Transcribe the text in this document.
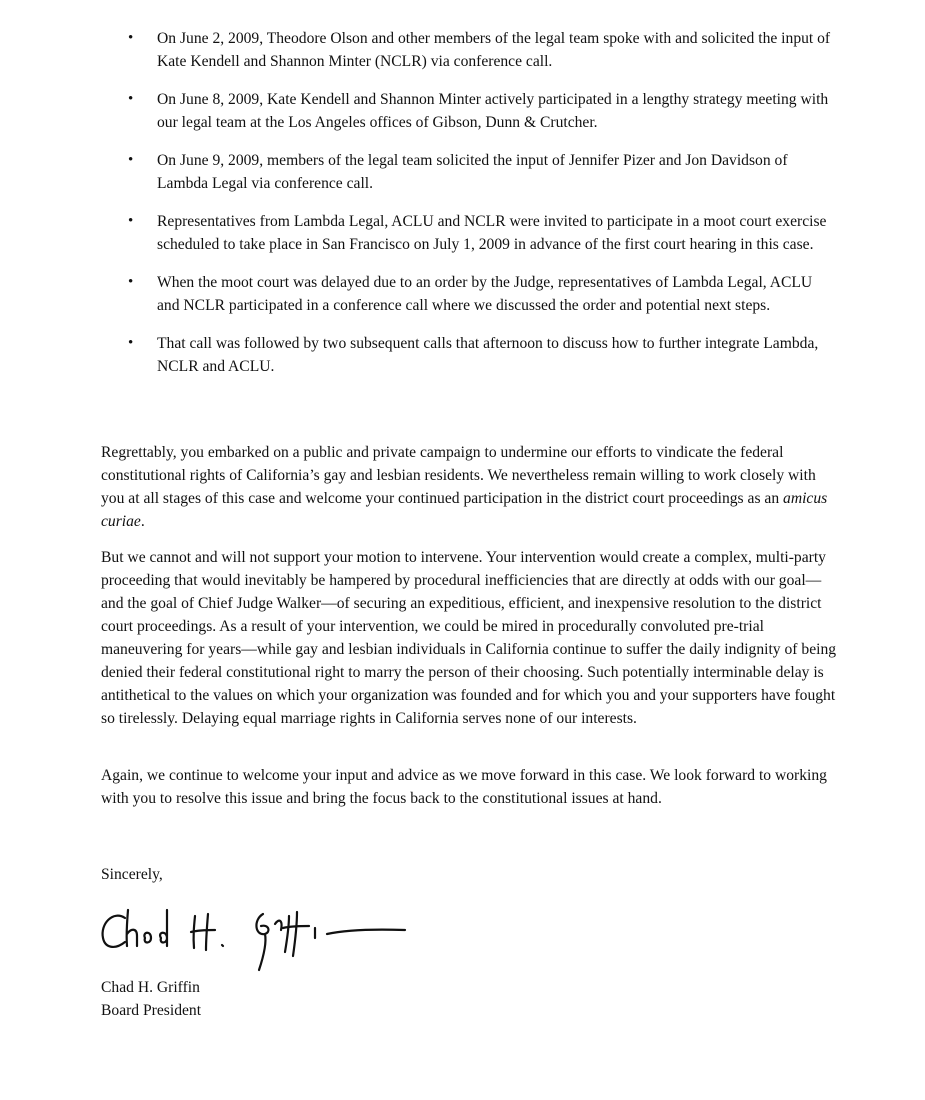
• On June 2, 2009, Theodore Olson and other members of the legal team spoke with and solicited the input of Kate Kendell and Shannon Minter (NCLR) via conference call.
• On June 8, 2009, Kate Kendell and Shannon Minter actively participated in a lengthy strategy meeting with our legal team at the Los Angeles offices of Gibson, Dunn & Crutcher.
• On June 9, 2009, members of the legal team solicited the input of Jennifer Pizer and Jon Davidson of Lambda Legal via conference call.
• Representatives from Lambda Legal, ACLU and NCLR were invited to participate in a moot court exercise scheduled to take place in San Francisco on July 1, 2009 in advance of the first court hearing in this case.
• When the moot court was delayed due to an order by the Judge, representatives of Lambda Legal, ACLU and NCLR participated in a conference call where we discussed the order and potential next steps.
• That call was followed by two subsequent calls that afternoon to discuss how to further integrate Lambda, NCLR and ACLU.

Regrettably, you embarked on a public and private campaign to undermine our efforts to vindicate the federal constitutional rights of California’s gay and lesbian residents. We nevertheless remain willing to work closely with you at all stages of this case and welcome your continued participation in the district court proceedings as an amicus curiae.

But we cannot and will not support your motion to intervene. Your intervention would create a complex, multi-party proceeding that would inevitably be hampered by procedural inefficiencies that are directly at odds with our goal—and the goal of Chief Judge Walker—of securing an expeditious, efficient, and inexpensive resolution to the district court proceedings. As a result of your intervention, we could be mired in procedurally convoluted pre-trial maneuvering for years—while gay and lesbian individuals in California continue to suffer the daily indignity of being denied their federal constitutional right to marry the person of their choosing. Such potentially interminable delay is antithetical to the values on which your organization was founded and for which you and your supporters have fought so tirelessly. Delaying equal marriage rights in California serves none of our interests.

Again, we continue to welcome your input and advice as we move forward in this case. We look forward to working with you to resolve this issue and bring the focus back to the constitutional issues at hand.

Sincerely,
Chad H. Griffin
Board President
